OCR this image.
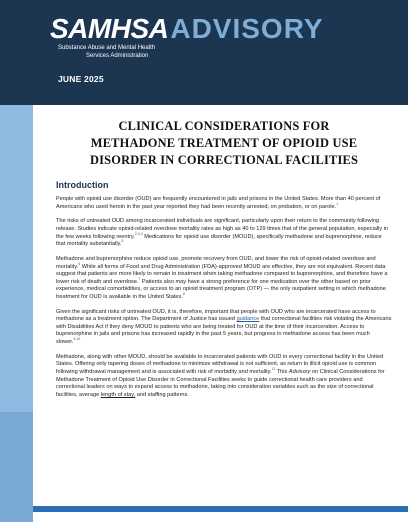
SAMHSAADVISORY
Substance Abuse and Mental Health
Services Administration
JUNE 2025
CLINICAL CONSIDERATIONS FOR
METHADONE TREATMENT OF OPIOID USE
DISORDER IN CORRECTIONAL FACILITIES
Introduction

People with opioid use disorder (OUD) are frequently encountered in jails and prisons in the United States. More than 40 percent of Americans who used heroin in the past year reported they had been recently arrested, on probation, or on parole.$^1$

The risks of untreated OUD among incarcerated individuals are significant, particularly upon their return to the community following release. Studies indicate opioid-related overdose mortality rates as high as 40 to 129 times that of the general population, especially in the few weeks following reentry.$^{2,3,4}$ Medications for opioid use disorder (MOUD), specifically methadone and buprenorphine, reduce that mortality substantially.$^5$

Methadone and buprenorphine reduce opioid use, promote recovery from OUD, and lower the risk of opioid-related overdose and mortality.$^6$ While all forms of Food and Drug Administration (FDA)-approved MOUD are effective, they are not equivalent. Recent data suggest that patients are more likely to remain in treatment when taking methadone compared to buprenorphine, and therefore have a lower risk of death and overdose.$^7$ Patients also may have a strong preference for one medication over the other based on prior experience, medical comorbidities, or access to an opioid treatment program (OTP) — the only outpatient setting in which methadone treatment for OUD is available in the United States.$^8$

Given the significant risks of untreated OUD, it is, therefore, important that people with OUD who are incarcerated have access to methadone as a treatment option. The Department of Justice has issued guidance that correctional facilities risk violating the Americans with Disabilities Act if they deny MOUD to patients who are being treated for OUD at the time of their incarceration. Access to buprenorphine in jails and prisons has increased rapidly in the past 5 years, but progress in methadone access has been much slower.$^{9,10}$

Methadone, along with other MOUD, should be available to incarcerated patients with OUD in every correctional facility in the United States. Offering only tapering doses of methadone to minimize withdrawal is not sufficient, as return to illicit opioid use is common following withdrawal management and is associated with risk of morbidity and mortality.$^{11}$ This Advisory on Clinical Considerations for Methadone Treatment of Opioid Use Disorder in Correctional Facilities seeks to guide correctional health care providers and correctional leaders on ways to expand access to methadone, taking into consideration variables such as the size of correctional facilities, average length of stay, and staffing patterns.
